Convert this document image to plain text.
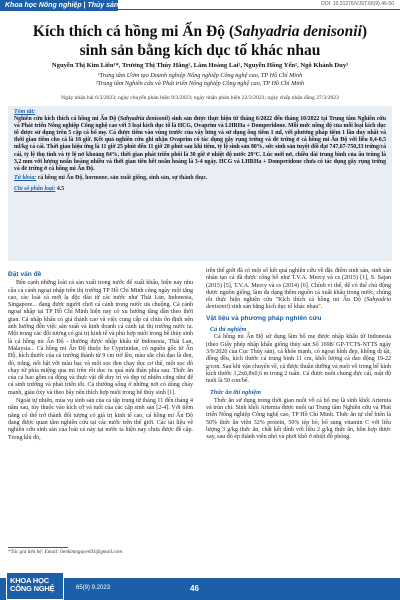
Khoa học Nông nghiệp | Thủy sản	DOI: 10.31276/VJST.65(9).46-50
Kích thích cá hồng mi Ấn Độ (Sahyadria denisonii)
sinh sản bằng kích dục tố khác nhau
Nguyễn Thị Kim Liên¹*, Trương Thị Thúy Hằng², Lâm Hoàng Lai², Nguyễn Hồng Yến², Ngô Khánh Duy²
¹Trung tâm Ươm tạo Doanh nghiệp Nông nghiệp Công nghệ cao, TP Hồ Chí Minh
²Trung tâm Nghiên cứu và Phát triển Nông nghiệp Công nghệ cao, TP Hồ Chí Minh
Ngày nhận bài 6/3/2023; ngày chuyển phản biện 9/3/2023; ngày nhận phản biện 22/3/2023; ngày chấp nhận đăng 27/3/2023
Tóm tắt:
Nghiên cứu kích thích cá hồng mi Ấn Độ (Sahyadria denisonii) sinh sản được thực hiện từ tháng 6/2022 đến tháng 10/2022 tại Trung tâm Nghiên cứu và Phát triển Nông nghiệp Công nghệ cao với 3 loại kích dục tố là HCG, Ovaprim và LHRHa + Domperidone. Mỗi mức nồng độ của mỗi loại kích dục tố được sử dụng trên 5 cặp cá bố mẹ. Cá được tiêm vào vùng trước của vây lưng và sử dụng ống tiêm 1 ml, với phương pháp tiêm 1 lần duy nhất và thời gian tiêm cho cá là 18 giờ. Kết quả nghiên cứu ghi nhận Ovaprim có tác dụng gây rụng trứng và đẻ trứng ở cá hồng mi Ấn Độ với liều 0,4-0,5 ml/kg cá cái. Thời gian hiệu ứng là 11 giờ 25 phút đến 11 giờ 28 phút sau khi tiêm, tỷ lệ sinh sản 80%, sức sinh sản tuyệt đối đạt 747,67-750,33 trứng/cá cái, tỷ lệ thụ tinh và tỷ lệ nở khoảng 84%, thời gian phát triển phôi là 30 giờ ở nhiệt độ nước 29°C. Lúc mới nở, chiều dài trung bình của ấu trùng là 3,2 mm với lượng noãn hoàng nhiều và thời gian tiêu hết noãn hoàng là 3-4 ngày. HCG và LHRHa + Domperidone chưa có tác dụng gây rụng trứng và đẻ trứng ở cá hồng mi Ấn Độ.
Từ khóa: cá hồng mi Ấn Độ, hormone, sản xuất giống, sinh sản, sự thành thục.
Chỉ số phân loại: 4.5
Đặt vấn đề

Bên cạnh những loài cá sản xuất trong nước để xuất khẩu, hiện nay nhu cầu cá cảnh ngoại nhập trên thị trường TP Hồ Chí Minh cũng ngày một tăng cao, các loài cá mới lạ độc đáo từ các nước như Thái Lan, Indonesia, Singapore... đang được người chơi cá cảnh trong nước ưa chuộng. Cá cảnh ngoại nhập tại TP Hồ Chí Minh hiện nay có xu hướng tăng dần theo thời gian. Cá nhập khẩu có giá thành cao và việc cung cấp cá chưa ổn định nên ảnh hưởng đến việc sản xuất và kinh doanh cá cảnh tại thị trường nước ta. Một trong các đối tượng có giá trị kinh tế và phù hợp nuôi trong bể thủy sinh là cá hồng mi Ấn Độ - thường được nhập khẩu từ Indonesia, Thái Lan, Malaysia... Cá hồng mi Ấn Độ thuộc họ Cyprinidae, có nguồn gốc từ Ấn Độ, kích thước của cá trưởng thành từ 9 cm trở lên, màu sắc chủ đạo là đen, đỏ, trắng, nổi bật với màu bạc và một sọc đen chạy dọc cơ thể, một sọc đỏ chạy từ phía miệng qua mi trên rồi dọc ra quá nửa thân phía sau. Thức ăn của cá bao gồm cả động và thực vật dễ duy trì và đẹp tự nhiên cũng như để cá sinh trưởng và phát triển tốt. Cá thường sống ở những nơi có dòng chảy mạnh, giàu ôxy và theo bầy nên thích hợp nuôi trong bể thủy sinh [1].

Ngoài tự nhiên, mùa vụ sinh sản của cá tập trung từ tháng 11 đến tháng 4 năm sau, tùy thuộc vào kích cỡ và tuổi của các cặp sinh sản [2-4]. Với tiềm năng có thể trở thành đối tượng có giá trị kinh tế cao, cá hồng mi Ấn Độ đang được quan tâm nghiên cứu tại các nước trên thế giới. Các tài liệu về nghiên cứu sinh sản của loài cá này tại nước ta hiện nay chưa được đề cập. Trong khi đó,

trên thế giới đã có một số kết quả nghiên cứu về đặc điểm sinh sản, sinh sản nhân tạo cá đã được công bố như T.V.A. Mercy và cs (2015) [1], S. Sajan (2015) [5], T.V.A. Mercy và cs (2014) [6]. Chính vì thế, để có thể chủ động được nguồn giống, làm đa dạng thêm nguồn cá xuất khẩu trong nước, chúng tôi thực hiện nghiên cứu "Kích thích cá hồng mi Ấn Độ (Sahyadria denisonii) sinh sản bằng kích dục tố khác nhau".

Vật liệu và phương pháp nghiên cứu
Cá thí nghiệm

Cá hồng mi Ấn Độ sử dụng làm bố mẹ được nhập khẩu từ Indonesia (theo Giấy phép nhập khẩu giống thủy sản Số 1698/ GP-TCTS-NTTS ngày 3/9/2020 của Cục Thủy sản), cá khỏe mạnh, có ngoại hình đẹp, không dị tật, đồng đều, kích thước cá trung bình 11 cm, khối lượng cá dao động 19-22 g/con. Sau khi vận chuyển về, cá được thuần dưỡng và nuôi vỗ trong bể kính kích thước 1,2x0,8x0,6 m trong 2 tuần. Cá được nuôi chung đực cái, mật độ nuôi là 50 con/bể.

Thức ăn thí nghiệm

Thức ăn sử dụng trong thời gian nuôi vỗ cá bố mẹ là sinh khối Artemia và trùn chỉ. Sinh khối Artemia được nuôi tại Trung tâm Nghiên cứu và Phát triển Nông nghiệp Công nghệ cao, TP Hồ Chí Minh. Thức ăn tự chế biến là 50% thức ăn viên 32% protein, 50% tép bò, bổ sung vitamin C với liều lượng 3 g/kg thức ăn, chất kết dính với liều 2 g/kg thức ăn, hỗn hợp được xay, sau đó ép thành viên nhỏ và phơi khô ở nhiệt độ phòng.

*Tác giả liên hệ: Email: lienkimnguyen93@gmail.com
KHOA HỌC
CÔNG NGHỆ	65(9) 9.2023	46
